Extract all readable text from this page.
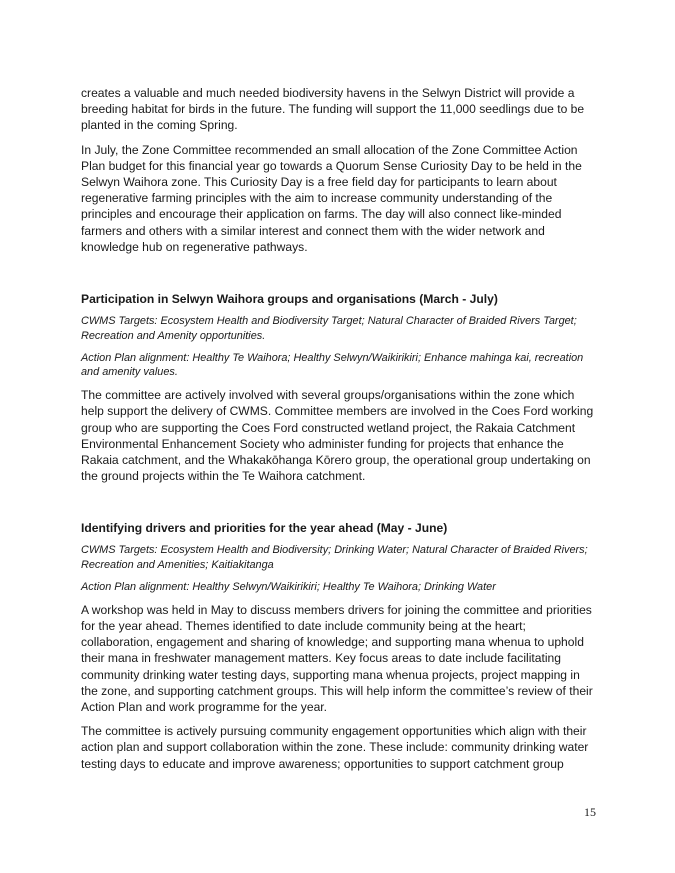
creates a valuable and much needed biodiversity havens in the Selwyn District will provide a breeding habitat for birds in the future. The funding will support the 11,000 seedlings due to be planted in the coming Spring.

In July, the Zone Committee recommended an small allocation of the Zone Committee Action Plan budget for this financial year go towards a Quorum Sense Curiosity Day to be held in the Selwyn Waihora zone. This Curiosity Day is a free field day for participants to learn about regenerative farming principles with the aim to increase community understanding of the principles and encourage their application on farms. The day will also connect like-minded farmers and others with a similar interest and connect them with the wider network and knowledge hub on regenerative pathways.

Participation in Selwyn Waihora groups and organisations (March - July)

CWMS Targets: Ecosystem Health and Biodiversity Target; Natural Character of Braided Rivers Target; Recreation and Amenity opportunities.

Action Plan alignment: Healthy Te Waihora; Healthy Selwyn/Waikirikiri; Enhance mahinga kai, recreation and amenity values.

The committee are actively involved with several groups/organisations within the zone which help support the delivery of CWMS. Committee members are involved in the Coes Ford working group who are supporting the Coes Ford constructed wetland project, the Rakaia Catchment Environmental Enhancement Society who administer funding for projects that enhance the Rakaia catchment, and the Whakakōhanga Kōrero group, the operational group undertaking on the ground projects within the Te Waihora catchment.

Identifying drivers and priorities for the year ahead (May - June)

CWMS Targets: Ecosystem Health and Biodiversity; Drinking Water; Natural Character of Braided Rivers; Recreation and Amenities; Kaitiakitanga

Action Plan alignment: Healthy Selwyn/Waikirikiri; Healthy Te Waihora; Drinking Water

A workshop was held in May to discuss members drivers for joining the committee and priorities for the year ahead. Themes identified to date include community being at the heart; collaboration, engagement and sharing of knowledge; and supporting mana whenua to uphold their mana in freshwater management matters. Key focus areas to date include facilitating community drinking water testing days, supporting mana whenua projects, project mapping in the zone, and supporting catchment groups. This will help inform the committee’s review of their Action Plan and work programme for the year.

The committee is actively pursuing community engagement opportunities which align with their action plan and support collaboration within the zone. These include: community drinking water testing days to educate and improve awareness; opportunities to support catchment group

15
